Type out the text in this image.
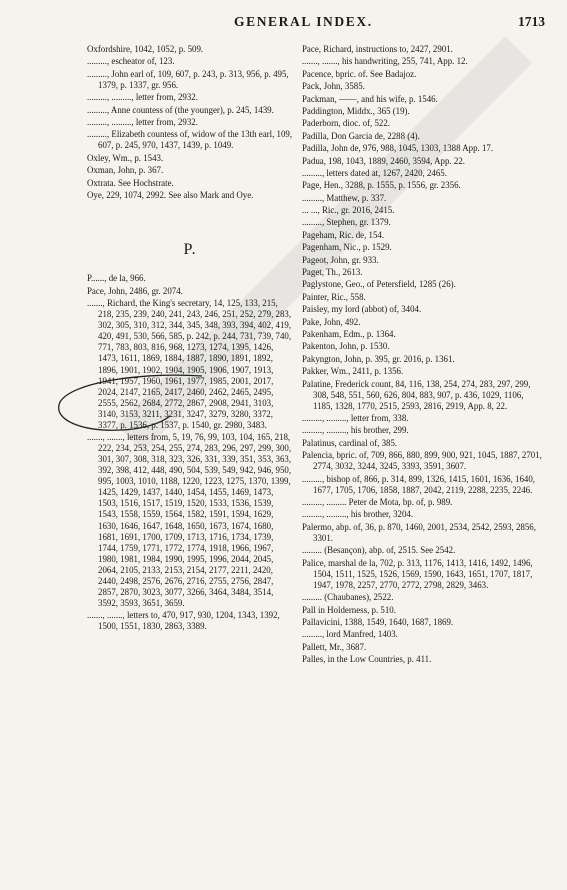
GENERAL INDEX.	1713
Oxfordshire, 1042, 1052, p. 509.
........., escheator of, 123.
........., John earl of, 109, 607, p. 243, p. 313, 956, p. 495, 1379, p. 1337, gr. 956.
........., ........., letter from, 2932.
........., Anne countess of (the younger), p. 245, 1439.
........., ........., letter from, 2932.
........., Elizabeth countess of, widow of the 13th earl, 109, 607, p. 245, 970, 1437, 1439, p. 1049.
Oxley, Wm., p. 1543.
Oxman, John, p. 367.
Oxtrata. See Hochstrate.
Oye, 229, 1074, 2992. See also Mark and Oye.
P.
P......, de la, 966.
Pace, John, 2486, gr. 2074.
......., Richard, the King's secretary, 14, 125, 133, 215, 218, 235, 239, 240, 241, 243, 246, 251, 252, 279, 283, 302, 305, 310, 312, 344, 345, 348, 393, 394, 402, 419, 420, 491, 530, 566, 585, p. 242, p. 244, 731, 739, 740, 771, 783, 803, 816, 968, 1273, 1274, 1395, 1426, 1473, 1611, 1869, 1884, 1887, 1890, 1891, 1892, 1896, 1901, 1902, 1904, 1905, 1906, 1907, 1913, 1941, 1957, 1960, 1961, 1977, 1985, 2001, 2017, 2024, 2147, 2165, 2417, 2460, 2462, 2465, 2495, 2555, 2562, 2684, 2772, 2867, 2908, 2941, 3103, 3140, 3153, 3211, 3231, 3247, 3279, 3280, 3372, 3377, p. 1536, p. 1537, p. 1540, gr. 2980, 3483.
......., ......., letters from, 5, 19, 76, 99, 103, 104, 165, 218, 222, 234, 253, 254, 255, 274, 283, 296, 297, 299, 300, 301, 307, 308, 318, 323, 326, 331, 339, 351, 353, 363, 392, 398, 412, 448, 490, 504, 539, 549, 942, 946, 950, 995, 1003, 1010, 1188, 1220, 1223, 1275, 1370, 1399, 1425, 1429, 1437, 1440, 1454, 1455, 1469, 1473, 1503, 1516, 1517, 1519, 1520, 1533, 1536, 1539, 1543, 1558, 1559, 1564, 1582, 1591, 1594, 1629, 1630, 1646, 1647, 1648, 1650, 1673, 1674, 1680, 1681, 1691, 1700, 1709, 1713, 1716, 1734, 1739, 1744, 1759, 1771, 1772, 1774, 1918, 1966, 1967, 1980, 1981, 1984, 1990, 1995, 1996, 2044, 2045, 2064, 2105, 2133, 2153, 2154, 2177, 2211, 2420, 2440, 2498, 2576, 2676, 2716, 2755, 2756, 2847, 2857, 2870, 3023, 3077, 3266, 3464, 3484, 3514, 3592, 3593, 3651, 3659.
......., ......., letters to, 470, 917, 930, 1204, 1343, 1392, 1500, 1551, 1830, 2863, 3389.
Pace, Richard, instructions to, 2427, 2901.
......., ......., his handwriting, 255, 741, App. 12.
Pacence, bpric. of. See Badajoz.
Pack, John, 3585.
Packman, ——, and his wife, p. 1546.
Paddington, Middx., 365 (19).
Paderborn, dioc. of, 522.
Padilla, Don Garcia de, 2288 (4).
Padilla, John de, 976, 988, 1045, 1303, 1388 App. 17.
Padua, 198, 1043, 1889, 2460, 3594, App. 22.
........., letters dated at, 1267, 2420, 2465.
Page, Hen., 3288, p. 1555, p. 1556, gr. 2356.
........., Matthew, p. 337.
... ..., Ric., gr. 2016, 2415.
........., Stephen, gr. 1379.
Pageham, Ric. de, 154.
Pagenham, Nic., p. 1529.
Pageot, John, gr. 933.
Paget, Th., 2613.
Paglystone, Geo., of Petersfield, 1285 (26).
Painter, Ric., 558.
Paisley, my lord (abbot) of, 3404.
Pake, John, 492.
Pakenham, Edm., p. 1364.
Pakenton, John, p. 1530.
Pakyngton, John, p. 395, gr. 2016, p. 1361.
Pakker, Wm., 2411, p. 1356.
Palatine, Frederick count, 84, 116, 138, 254, 274, 283, 297, 299, 308, 548, 551, 560, 626, 804, 883, 907, p. 436, 1029, 1106, 1185, 1328, 1770, 2515, 2593, 2816, 2919, App. 8, 22.
........., ........., letter from, 338.
........., ........., his brother, 299.
Palatinus, cardinal of, 385.
Palencia, bpric. of, 709, 866, 880, 899, 900, 921, 1045, 1887, 2701, 2774, 3032, 3244, 3245, 3393, 3591, 3607.
........., bishop of, 866, p. 314, 899, 1326, 1415, 1601, 1636, 1640, 1677, 1705, 1706, 1858, 1887, 2042, 2119, 2288, 2235, 2246.
........., ......... Peter de Mota, bp. of, p. 989.
........., ........., his brother, 3204.
Palermo, abp. of, 36, p. 870, 1460, 2001, 2534, 2542, 2593, 2856, 3301.
......... (Besançon), abp. of, 2515. See 2542.
Palice, marshal de la, 702, p. 313, 1176, 1413, 1416, 1492, 1496, 1504, 1511, 1525, 1526, 1569, 1590, 1643, 1651, 1707, 1817, 1947, 1978, 2257, 2770, 2772, 2798, 2829, 3463.
......... (Chaubanes), 2522.
Pall in Holderness, p. 510.
Pallavicini, 1388, 1549, 1640, 1687, 1869.
........., lord Manfred, 1403.
Pallett, Mr., 3687.
Palles, in the Low Countries, p. 411.
